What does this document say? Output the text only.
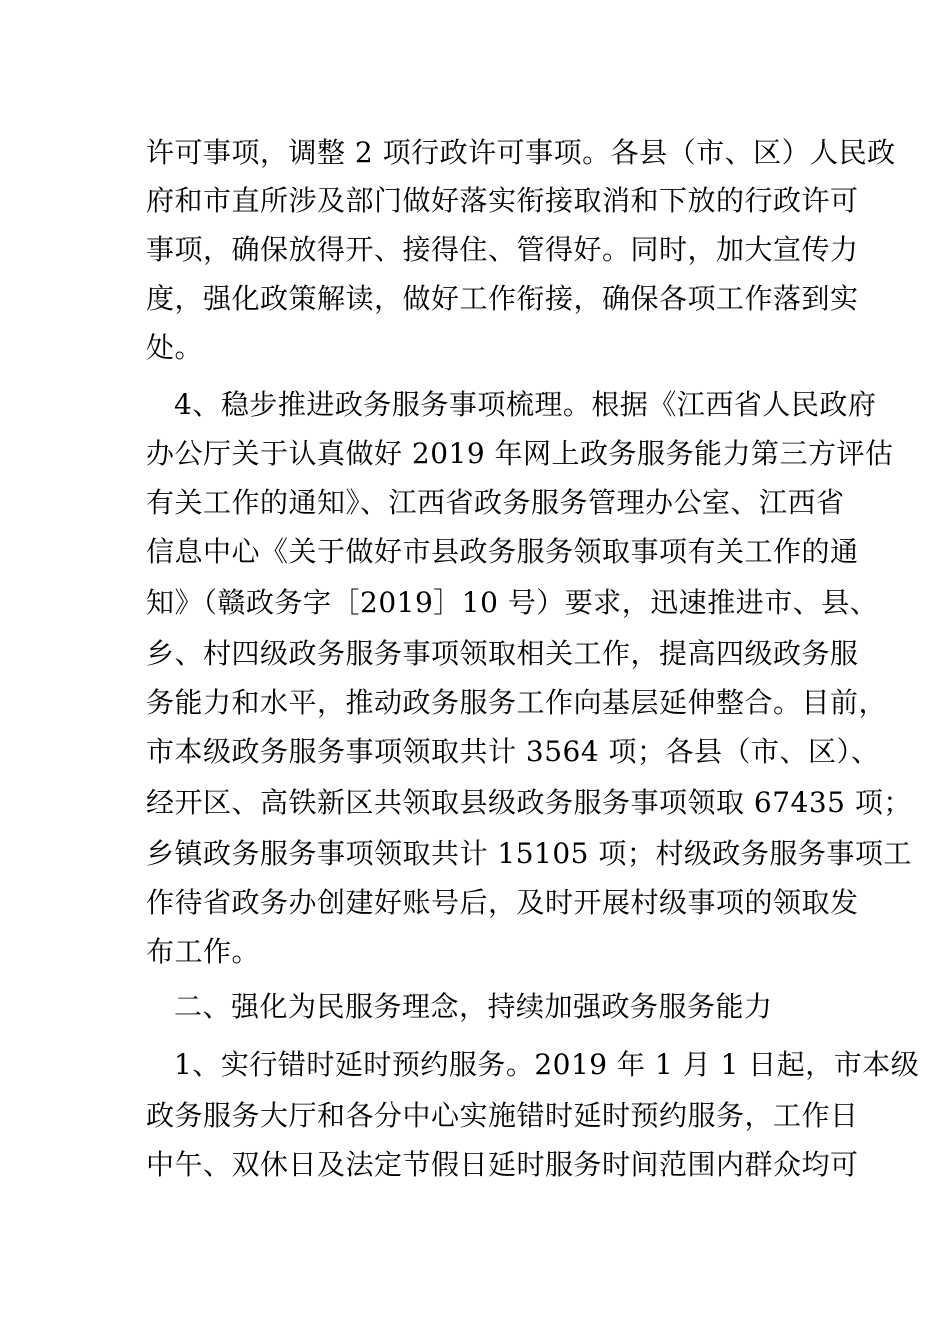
许可事项，调整 2 项行政许可事项。各县（市、区）人民政

府和市直所涉及部门做好落实衔接取消和下放的行政许可

事项，确保放得开、接得住、管得好。同时，加大宣传力

度，强化政策解读，做好工作衔接，确保各项工作落到实

处。

4、稳步推进政务服务事项梳理。根据《江西省人民政府

办公厅关于认真做好 2019 年网上政务服务能力第三方评估

有关工作的通知》、江西省政务服务管理办公室、江西省

信息中心《关于做好市县政务服务领取事项有关工作的通

知》（赣政务字［2019］10 号）要求，迅速推进市、县、

乡、村四级政务服务事项领取相关工作，提高四级政务服

务能力和水平，推动政务服务工作向基层延伸整合。目前，

市本级政务服务事项领取共计 3564 项；各县（市、区）、

经开区、高铁新区共领取县级政务服务事项领取 67435 项；

乡镇政务服务事项领取共计 15105 项；村级政务服务事项工

作待省政务办创建好账号后，及时开展村级事项的领取发

布工作。

二、强化为民服务理念，持续加强政务服务能力

1、实行错时延时预约服务。2019 年 1 月 1 日起，市本级

政务服务大厅和各分中心实施错时延时预约服务，工作日

中午、双休日及法定节假日延时服务时间范围内群众均可
